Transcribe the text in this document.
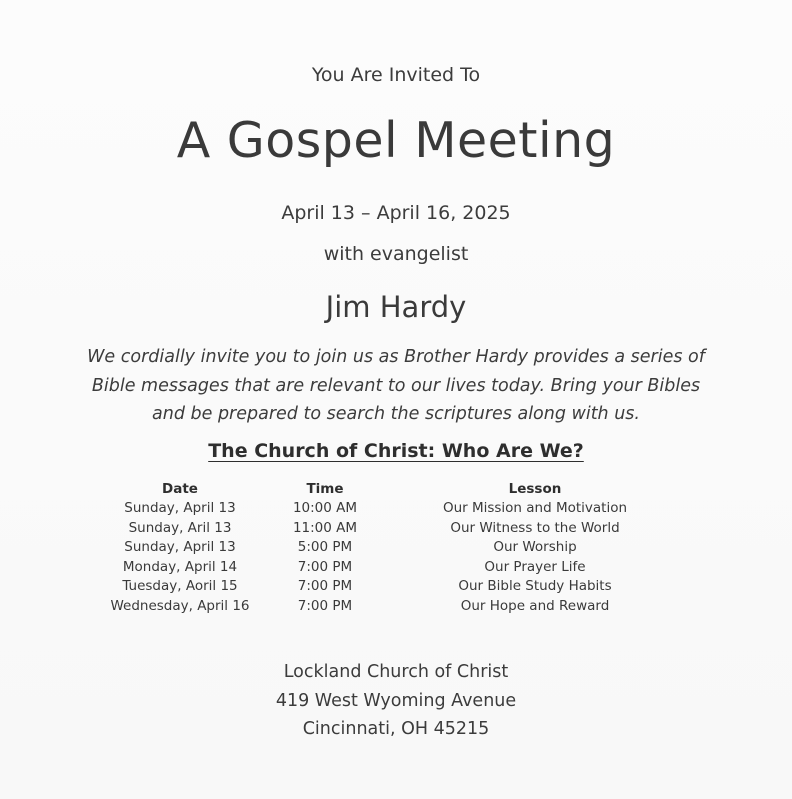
You Are Invited To
A Gospel Meeting
April 13 – April 16, 2025
with evangelist
Jim Hardy
We cordially invite you to join us as Brother Hardy provides a series of
Bible messages that are relevant to our lives today. Bring your Bibles
and be prepared to search the scriptures along with us.
The Church of Christ: Who Are We?
Date
Sunday, April 13
Sunday, Aril 13
Sunday, April 13
Monday, April 14
Tuesday, Aoril 15
Wednesday, April 16
Time
10:00 AM
11:00 AM
5:00 PM
7:00 PM
7:00 PM
7:00 PM
Lesson
Our Mission and Motivation
Our Witness to the World
Our Worship
Our Prayer Life
Our Bible Study Habits
Our Hope and Reward
Lockland Church of Christ
419 West Wyoming Avenue
Cincinnati, OH 45215
